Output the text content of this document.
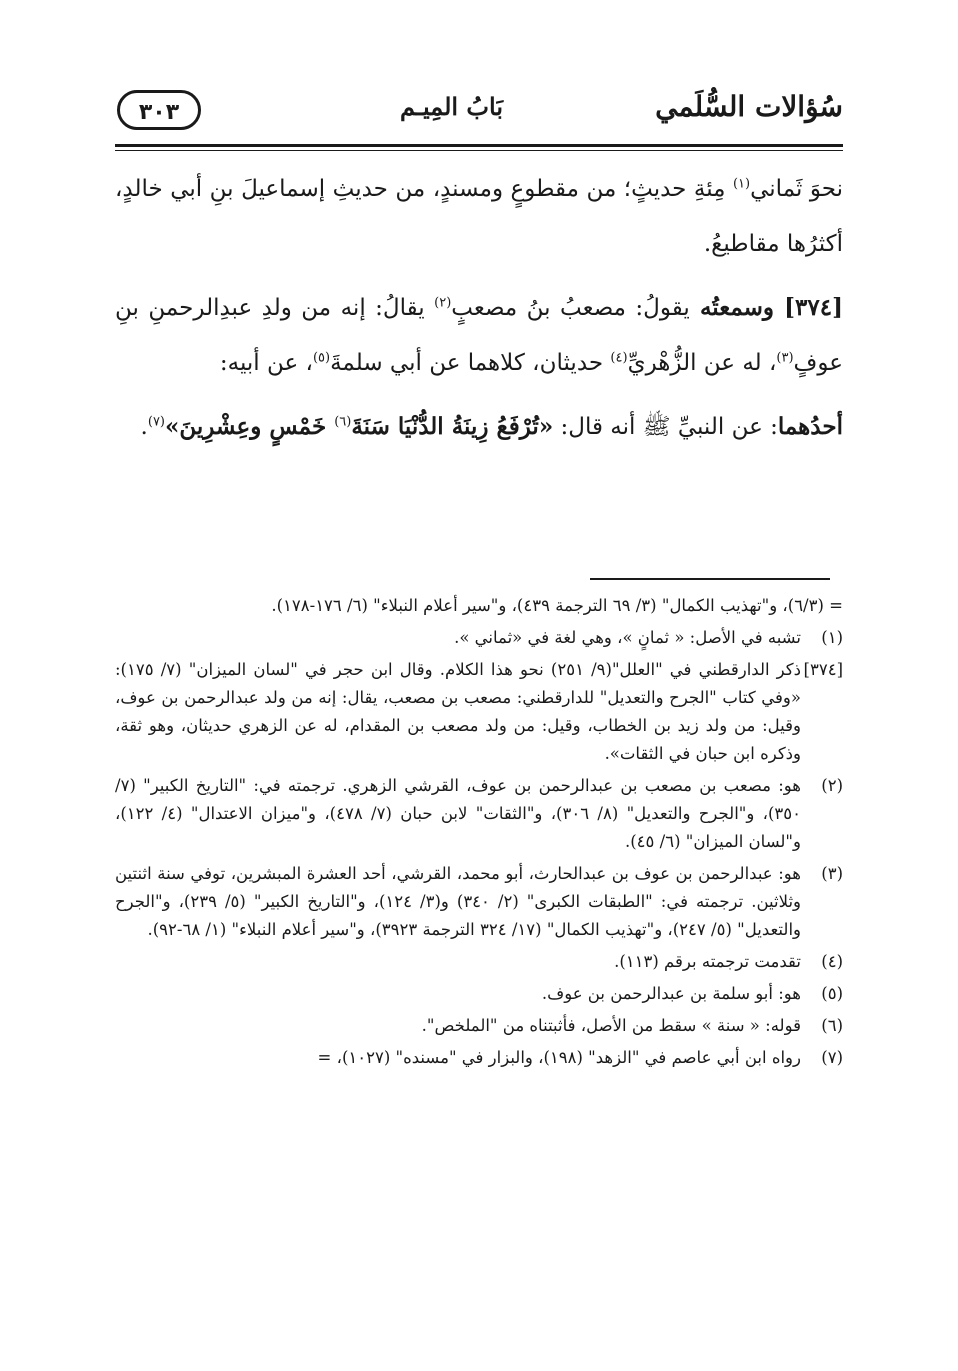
سُؤالات السُّلَمي
بَابُ المِيـم
٣٠٣

نحوَ ثَماني$^{(١)}$ مِئةِ حديثٍ؛ من مقطوعٍ ومسندٍ، من حديثِ إسماعيلَ بنِ أبي خالدٍ، أكثرُها مقاطيعُ.

[٣٧٤] وسمعتُه يقولُ: مصعبُ بنُ مصعبٍ$^{(٢)}$ يقالُ: إنه من ولدِ عبدِالرحمنِ بنِ عوفٍ$^{(٣)}$، له عن الزُّهْريِّ$^{(٤)}$ حديثان، كلاهما عن أبي سلمةَ$^{(٥)}$، عن أبيه:

أحدُهما: عن النبيِّ ﷺ أنه قال: «تُرْفَعُ زِينَةُ الدُّنْيَا سَنَةَ$^{(٦)}$ خَمْسٍ وعِشْرِينَ»$^{(٧)}$.

= (٦/٣)، و"تهذيب الكمال" (٣/ ٦٩ الترجمة ٤٣٩)، و"سير أعلام النبلاء" (٦/ ١٧٦-١٧٨).
(١)
تشبه في الأصل: « ثمانٍ »، وهي لغة في «ثماني ».
[٣٧٤]
ذكر الدارقطني في "العلل"(٩/ ٢٥١) نحو هذا الكلام. وقال ابن حجر في "لسان الميزان" (٧/ ١٧٥): «وفي كتاب "الجرح والتعديل" للدارقطني: مصعب بن مصعب، يقال: إنه من ولد عبدالرحمن بن عوف، وقيل: من ولد زيد بن الخطاب، وقيل: من ولد مصعب بن المقدام، له عن الزهري حديثان، وهو ثقة، وذكره ابن حبان في الثقات».
(٢)
هو: مصعب بن مصعب بن عبدالرحمن بن عوف، القرشي الزهري. ترجمته في: "التاريخ الكبير" (٧/ ٣٥٠)، و"الجرح والتعديل" (٨/ ٣٠٦)، و"الثقات" لابن حبان (٧/ ٤٧٨)، و"ميزان الاعتدال" (٤/ ١٢٢)، و"لسان الميزان" (٦/ ٤٥).
(٣)
هو: عبدالرحمن بن عوف بن عبدالحارث، أبو محمد، القرشي، أحد العشرة المبشرين، توفي سنة اثنتين وثلاثين. ترجمته في: "الطبقات الكبرى" (٢/ ٣٤٠) و(٣/ ١٢٤)، و"التاريخ الكبير" (٥/ ٢٣٩)، و"الجرح والتعديل" (٥/ ٢٤٧)، و"تهذيب الكمال" (١٧/ ٣٢٤ الترجمة ٣٩٢٣)، و"سير أعلام النبلاء" (١/ ٦٨-٩٢).
(٤)
تقدمت ترجمته برقم (١١٣).
(٥)
هو: أبو سلمة بن عبدالرحمن بن عوف.
(٦)
قوله: « سنة » سقط من الأصل، فأثبتناه من "الملخص".
(٧)
رواه ابن أبي عاصم في "الزهد" (١٩٨)، والبزار في "مسنده" (١٠٢٧)، =
